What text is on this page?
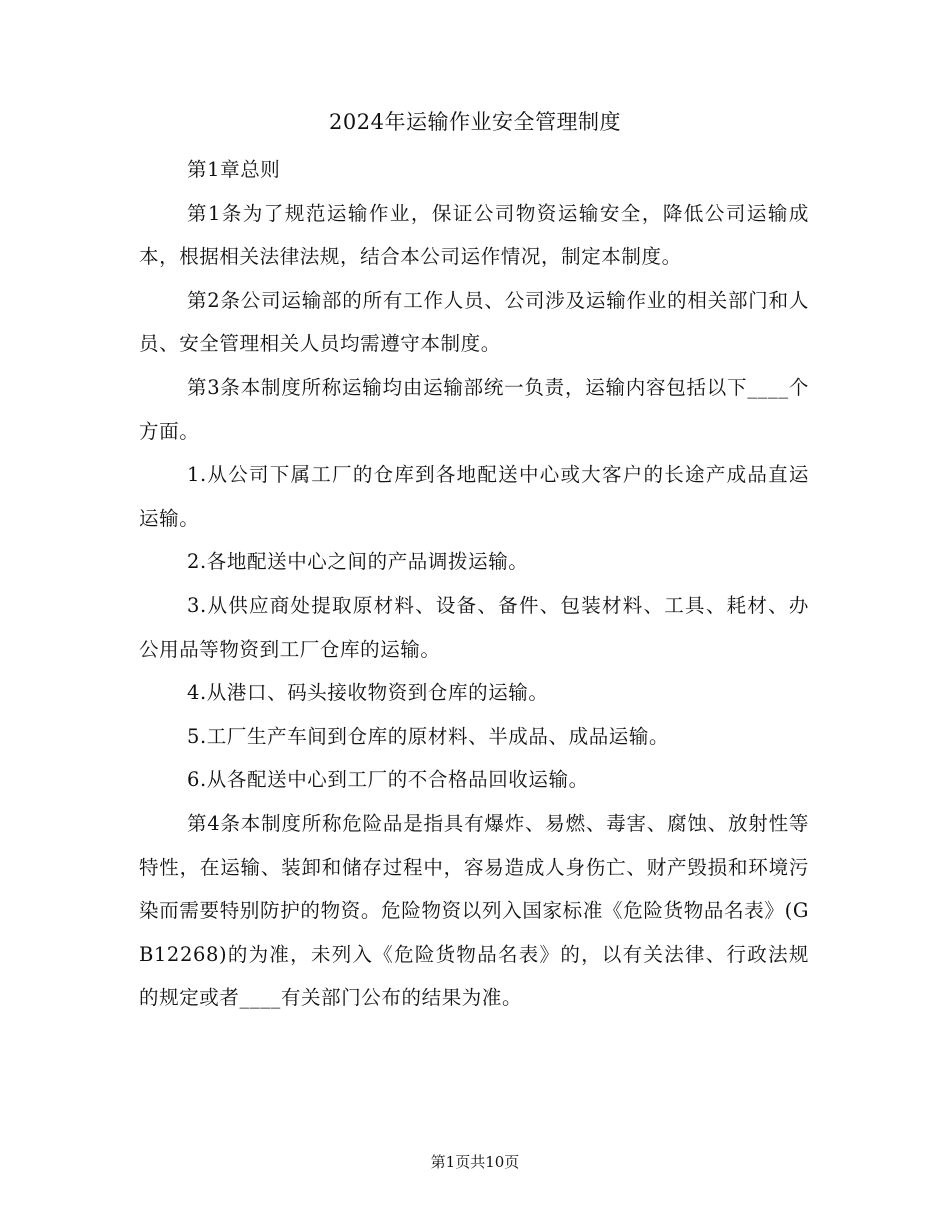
2024年运输作业安全管理制度

第1章总则

第1条为了规范运输作业，保证公司物资运输安全，降低公司运输成本，根据相关法律法规，结合本公司运作情况，制定本制度。

第2条公司运输部的所有工作人员、公司涉及运输作业的相关部门和人员、安全管理相关人员均需遵守本制度。

第3条本制度所称运输均由运输部统一负责，运输内容包括以下____个方面。

1.从公司下属工厂的仓库到各地配送中心或大客户的长途产成品直运运输。

2.各地配送中心之间的产品调拨运输。

3.从供应商处提取原材料、设备、备件、包装材料、工具、耗材、办公用品等物资到工厂仓库的运输。

4.从港口、码头接收物资到仓库的运输。

5.工厂生产车间到仓库的原材料、半成品、成品运输。

6.从各配送中心到工厂的不合格品回收运输。

第4条本制度所称危险品是指具有爆炸、易燃、毒害、腐蚀、放射性等特性，在运输、装卸和储存过程中，容易造成人身伤亡、财产毁损和环境污染而需要特别防护的物资。危险物资以列入国家标准《危险货物品名表》(GB12268)的为准，未列入《危险货物品名表》的，以有关法律、行政法规的规定或者____有关部门公布的结果为准。

第1页共10页
